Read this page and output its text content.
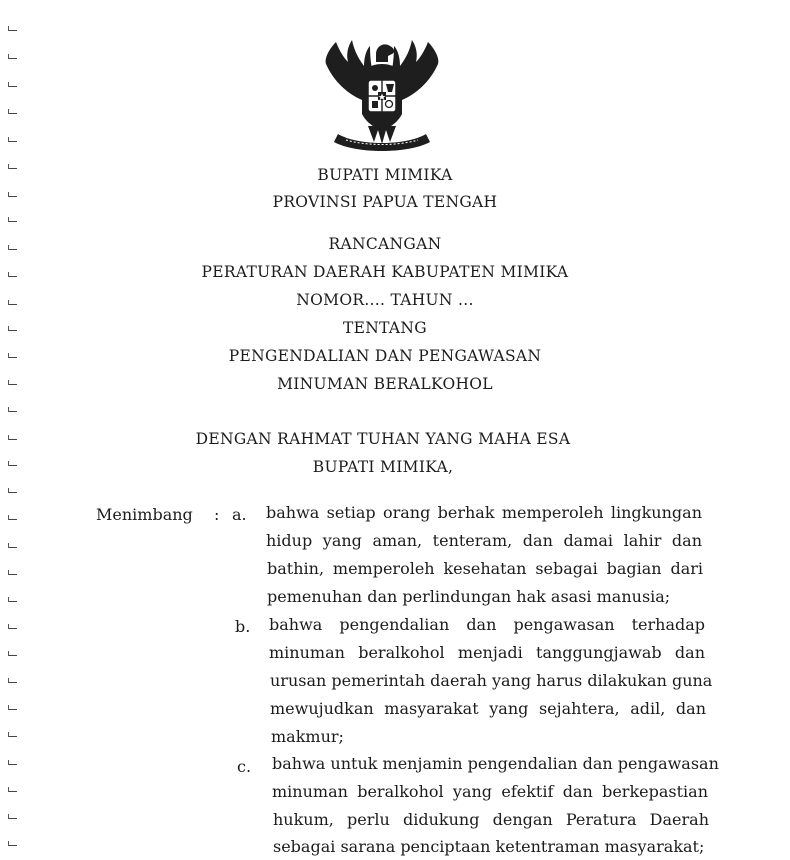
BUPATI MIMIKA
PROVINSI PAPUA TENGAH
RANCANGAN
PERATURAN DAERAH KABUPATEN MIMIKA
NOMOR.... TAHUN ...
TENTANG
PENGENDALIAN DAN PENGAWASAN
MINUMAN BERALKOHOL
DENGAN RAHMAT TUHAN YANG MAHA ESA
BUPATI MIMIKA,
Menimbang : a. bahwa setiap orang berhak memperoleh lingkungan
hidup yang aman, tenteram, dan damai lahir dan
bathin, memperoleh kesehatan sebagai bagian dari
pemenuhan dan perlindungan hak asasi manusia;
b. bahwa pengendalian dan pengawasan terhadap
minuman beralkohol menjadi tanggungjawab dan
urusan pemerintah daerah yang harus dilakukan guna
mewujudkan masyarakat yang sejahtera, adil, dan
makmur;
c. bahwa untuk menjamin pengendalian dan pengawasan
minuman beralkohol yang efektif dan berkepastian
hukum, perlu didukung dengan Peratura Daerah
sebagai sarana penciptaan ketentraman masyarakat;
